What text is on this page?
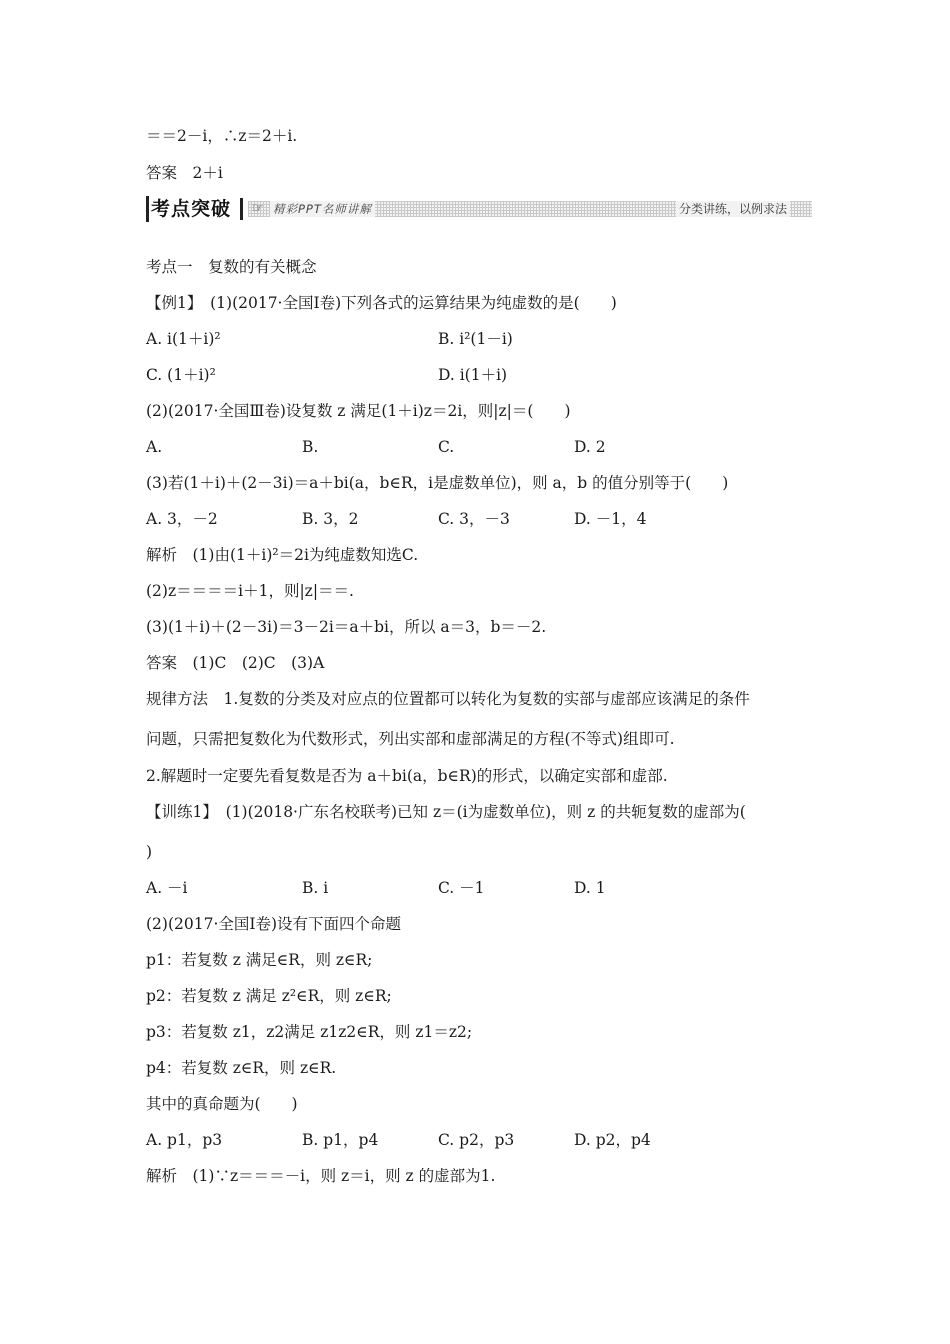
＝＝2－i，∴z＝2＋i.
答案　2＋i
考点突破	☞ 精彩PPT名师讲解	分类讲练，以例求法
考点一　复数的有关概念
【例1】　(1)(2017·全国Ⅰ卷)下列各式的运算结果为纯虚数的是(　　)
A. i(1＋i)²	B. i²(1－i)
C. (1＋i)²	D. i(1＋i)
(2)(2017·全国Ⅲ卷)设复数 z 满足(1＋i)z＝2i，则|z|＝(　　)
A.	B.	C.	D. 2
(3)若(1＋i)＋(2－3i)＝a＋bi(a，b∈R，i是虚数单位)，则 a，b 的值分别等于(　　)
A. 3，－2	B. 3，2	C. 3，－3	D. －1，4
解析　(1)由(1＋i)²＝2i为纯虚数知选C.
(2)z＝＝＝＝i＋1，则|z|＝＝.
(3)(1＋i)＋(2－3i)＝3－2i＝a＋bi，所以 a＝3，b＝－2.
答案　(1)C　(2)C　(3)A
规律方法　1.复数的分类及对应点的位置都可以转化为复数的实部与虚部应该满足的条件
问题，只需把复数化为代数形式，列出实部和虚部满足的方程(不等式)组即可.
2.解题时一定要先看复数是否为 a＋bi(a，b∈R)的形式，以确定实部和虚部.
【训练1】　(1)(2018·广东名校联考)已知 z＝(i为虚数单位)，则 z 的共轭复数的虚部为(
)
A. －i	B. i	C. －1	D. 1
(2)(2017·全国Ⅰ卷)设有下面四个命题
p1：若复数 z 满足∈R，则 z∈R;
p2：若复数 z 满足 z²∈R，则 z∈R;
p3：若复数 z1，z2满足 z1z2∈R，则 z1＝z2;
p4：若复数 z∈R，则 z∈R.
其中的真命题为(　　)
A. p1，p3	B. p1，p4	C. p2，p3	D. p2，p4
解析　(1)∵z＝＝＝－i，则 z＝i，则 z 的虚部为1.
